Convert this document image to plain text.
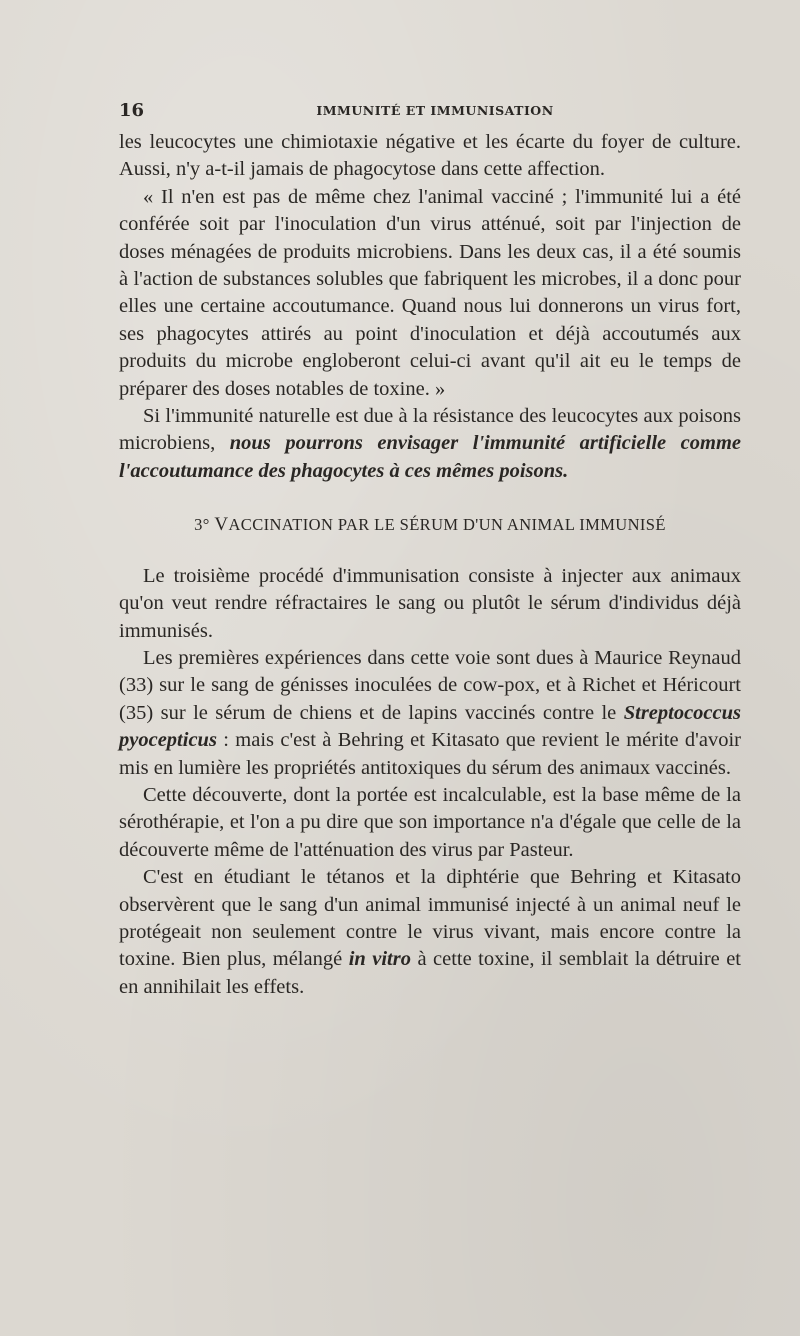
16	IMMUNITÉ ET IMMUNISATION

les leucocytes une chimiotaxie négative et les écarte du foyer de culture. Aussi, n'y a-t-il jamais de phagocytose dans cette affection.

« Il n'en est pas de même chez l'animal vacciné ; l'immunité lui a été conférée soit par l'inoculation d'un virus atténué, soit par l'injection de doses ménagées de produits microbiens. Dans les deux cas, il a été soumis à l'action de substances solubles que fabriquent les microbes, il a donc pour elles une certaine accoutumance. Quand nous lui donnerons un virus fort, ses phagocytes attirés au point d'inoculation et déjà accoutumés aux produits du microbe engloberont celui-ci avant qu'il ait eu le temps de préparer des doses notables de toxine. »

Si l'immunité naturelle est due à la résistance des leucocytes aux poisons microbiens, nous pourrons envisager l'immunité artificielle comme l'accoutumance des phagocytes à ces mêmes poisons.

3° VACCINATION PAR LE SÉRUM D'UN ANIMAL IMMUNISÉ

Le troisième procédé d'immunisation consiste à injecter aux animaux qu'on veut rendre réfractaires le sang ou plutôt le sérum d'individus déjà immunisés.

Les premières expériences dans cette voie sont dues à Maurice Reynaud (33) sur le sang de génisses inoculées de cow-pox, et à Richet et Héricourt (35) sur le sérum de chiens et de lapins vaccinés contre le Streptococcus pyocepticus : mais c'est à Behring et Kitasato que revient le mérite d'avoir mis en lumière les propriétés antitoxiques du sérum des animaux vaccinés.

Cette découverte, dont la portée est incalculable, est la base même de la sérothérapie, et l'on a pu dire que son importance n'a d'égale que celle de la découverte même de l'atténuation des virus par Pasteur.

C'est en étudiant le tétanos et la diphtérie que Behring et Kitasato observèrent que le sang d'un animal immunisé injecté à un animal neuf le protégeait non seulement contre le virus vivant, mais encore contre la toxine. Bien plus, mélangé in vitro à cette toxine, il semblait la détruire et en annihilait les effets.
